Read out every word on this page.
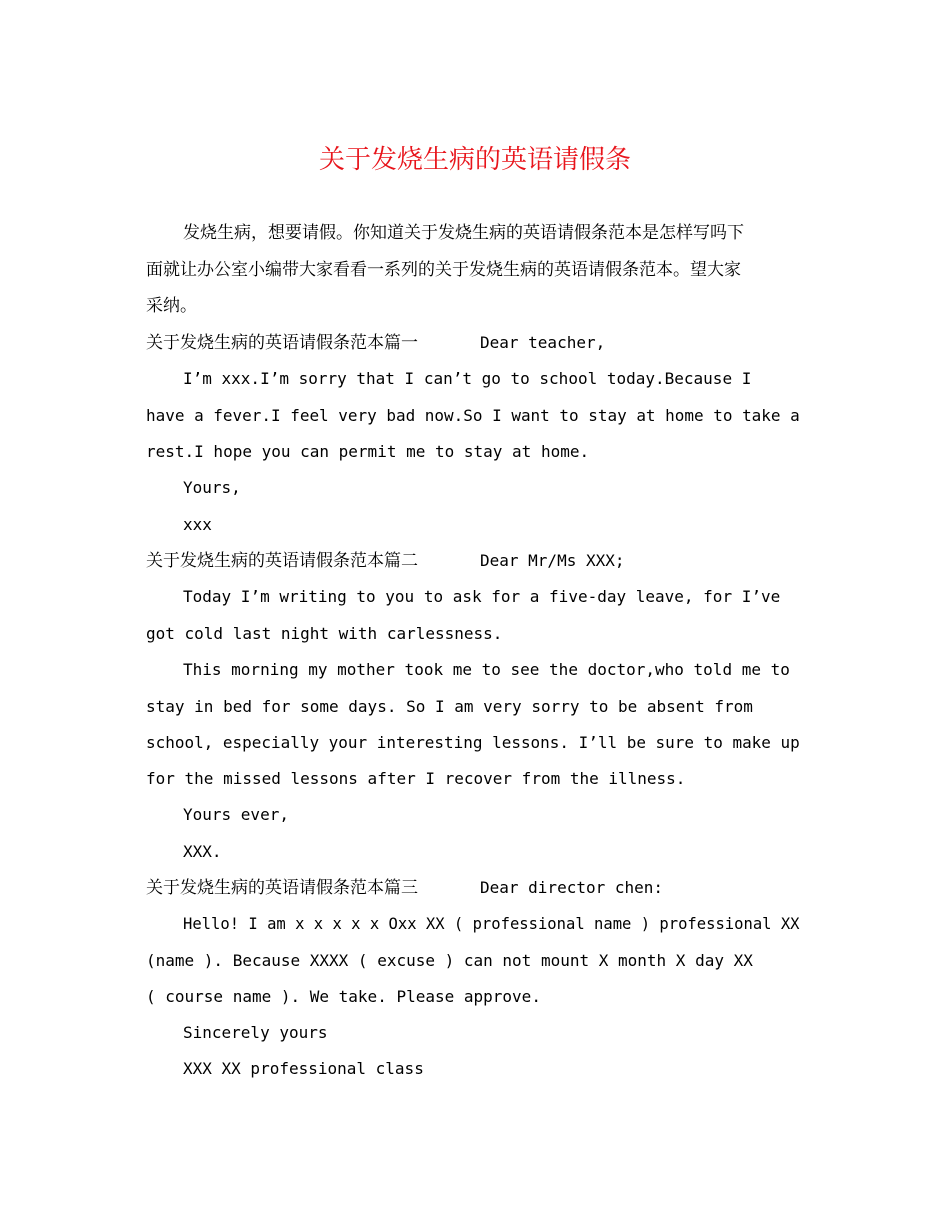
关于发烧生病的英语请假条

发烧生病，想要请假。你知道关于发烧生病的英语请假条范本是怎样写吗下

面就让办公室小编带大家看看一系列的关于发烧生病的英语请假条范本。望大家

采纳。

关于发烧生病的英语请假条范本篇一	Dear teacher,

I’m xxx.I’m sorry that I can’t go to school today.Because I

have a fever.I feel very bad now.So I want to stay at home to take a

rest.I hope you can permit me to stay at home.

Yours,

xxx

关于发烧生病的英语请假条范本篇二	Dear Mr/Ms XXX;

Today I’m writing to you to ask for a five-day leave, for I’ve

got cold last night with carlessness.

This morning my mother took me to see the doctor,who told me to

stay in bed for some days. So I am very sorry to be absent from

school, especially your interesting lessons. I’ll be sure to make up

for the missed lessons after I recover from the illness.

Yours ever,

XXX.

关于发烧生病的英语请假条范本篇三	Dear director chen:

Hello! I am x x x x x Oxx XX ( professional name ) professional XX

(name ). Because XXXX ( excuse ) can not mount X month X day XX

( course name ). We take. Please approve.

Sincerely yours

XXX XX professional class
